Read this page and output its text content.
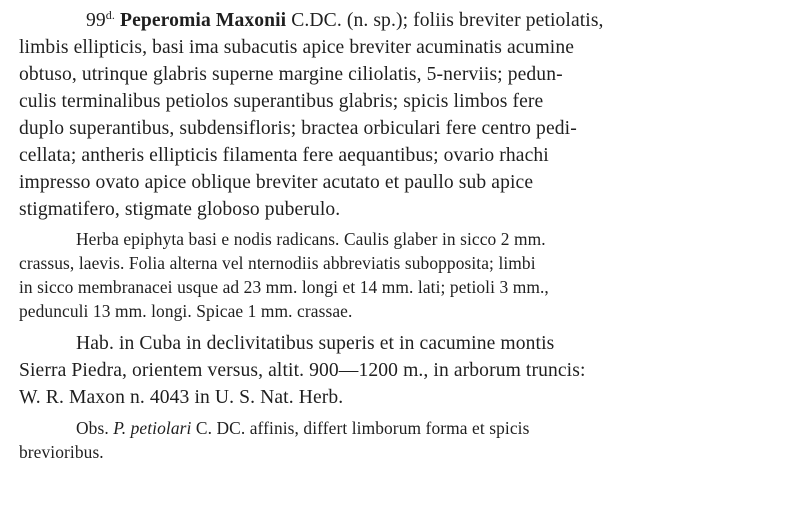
$99^{d.}$ Peperomia Maxonii C.DC. (n. sp.); foliis breviter petiolatis,
limbis ellipticis, basi ima subacutis apice breviter acuminatis acumine
obtuso, utrinque glabris superne margine ciliolatis, 5-nerviis; pedun-
culis terminalibus petiolos superantibus glabris; spicis limbos fere
duplo superantibus, subdensifloris; bractea orbiculari fere centro pedi-
cellata; antheris ellipticis filamenta fere aequantibus; ovario rhachi
impresso ovato apice oblique breviter acutato et paullo sub apice
stigmatifero, stigmate globoso puberulo.
Herba epiphyta basi e nodis radicans. Caulis glaber in sicco 2 mm.
crassus, laevis. Folia alterna vel nternodiis abbreviatis subopposita; limbi
in sicco membranacei usque ad 23 mm. longi et 14 mm. lati; petioli 3 mm.,
pedunculi 13 mm. longi. Spicae 1 mm. crassae.
Hab. in Cuba in declivitatibus superis et in cacumine montis
Sierra Piedra, orientem versus, altit. 900—1200 m., in arborum truncis:
W. R. Maxon n. 4043 in U. S. Nat. Herb.
Obs. P. petiolari C. DC. affinis, differt limborum forma et spicis
brevioribus.
